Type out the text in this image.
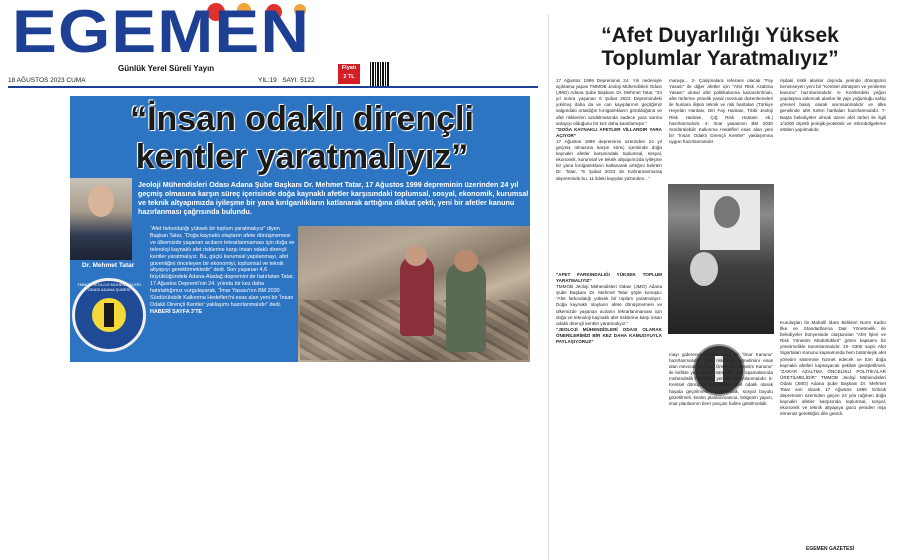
EGEMEN
Günlük Yerel Süreli Yayın
18 AĞUSTOS 2023 CUMA	YIL:19 SAYI: 5122
Fiyatı
2 TL
“İnsan odaklı dirençli kentler yaratmalıyız”
Dr. Mehmet Tatar
Jeoloji Mühendisleri Odası Adana Şube Başkanı Dr. Mehmet Tatar, 17 Ağustos 1999 depreminin üzerinden 24 yıl geçmiş olmasına karşın süreç içerisinde doğa kaynaklı afetler karşısındaki toplumsal, sosyal, ekonomik, kurumsal ve teknik altyapımızda iyileşme bir yana kırılganlıkların katlanarak arttığına dikkat çekti, yeni bir afetler kanunu hazırlanması çağrısında bulundu.
TMMOB JEOLOJİ MÜHENDİSLERİ ODASI ADANA ŞUBESİ
“Afet farkındalığı yüksek bir toplum yaratmalıyız” diyen Başkan Tatar, “Doğa kaynaklı olayların afete dönüşmemesi ve ülkemizde yaşanan acıların tekrarlanmaması için doğa ve teknoloji kaynaklı afet risklerine karşı insan odaklı dirençli kentler yaratmalıyız. Bu, güçlü kurumsal yapılanmayı, afet güvenliğini önceleyen bir ekonomiyi, toplumsal ve teknik altyapıyı gerektirmektedir” dedi. Son yaşanan 4,6 büyüklüğündeki Adana-Aladağ depremini de hatırlatan Tatar, 17 Ağustos Depremi'nin 24. yılında bir kez daha hatırlattığımız vurgulayarak, “İmar Yasası'nın BM 2030 Sürdürülebilir Kalkınma Hedefleri'ni esas alan yeni bir ‘İnsan Odaklı Dirençli Kentler’ yaklaşımı hazırlanmalıdır” dedi.
HABERİ SAYFA 3'TE
“Afet Duyarlılığı Yüksek Toplumlar Yaratmalıyız”
17 Ağustos 1999 Depreminin 24. Yılı nedeniyle açıklama yapan TMMOB Jeoloji Mühendisleri Odası (JMO) Adana Şube Başkanı Dr. Mehmet Tatar, “24 yıl sonra yaşanan 6 Şubat 2023 Depremindeki yıkılmış daha da ve can kayıplarının geçtiğimiz salgındaki ortaklığın kırılganlıkların görüldüğünü ve afet risklerinin azaltılmasında sadece yara sarma anlayışı olduğunu bir kez daha kanıtlamıştır.”
“DOĞA KAYNAKLI AFETLER VİLLARDIR YARA AÇIYOR”
17 Ağustos 1999 depreminin üzerinden 24 yıl geçmiş olmasına karşın süreç içerisinde doğa kaynaklı afetler karşısındaki toplumsal, sosyal, ekonomik, kurumsal ve teknik altyapımızda iyileşme bir yana kırılganlıkların katlanarak arttığını belirten Dr. Tatar, “6 Şubat 2023 de Kahramanmaraş depreminde bu, 11 ildeki kayıplar yüzünden...”
“AFET FARKINDALIĞI YÜKSEK TOPLUM YARATMALIYIZ”
TMMOB Jeoloji Mühendisleri Odası (JMO) Adana Şube Başkanı Dr. Mehmet Tatar şöyle konuştu: “Afet farkındalığı yüksek bir toplum yaratmalıyız. Doğa kaynaklı olayların afete dönüşmemesi ve ülkemizde yaşanan acıların tekrarlanmaması için doğa ve teknoloji kaynaklı afet risklerine karşı insan odaklı dirençli kentler yaratmalıyız.”
“JEOLOJİ MÜHENDİSLERİ ODASI OLARAK ÖNERİLERİMİZİ BİR KEZ DAHA KAMUOYUYLA PAYLAŞIYORUZ”
maraşa... 2- Çalışmalara referans olacak “Fay Yasası” ile diğer afetler için “Afet Risk Azaltma Yasası” ulusal afet politikalarına kazandırılmalı, afet türlerine yönelik yasal mevzuat düzenlemeleri ile bunlara ilişkin teknik ve risk haritaları (Türkiye Heyelan Haritası, Diri Fay Haritası, Tıbbi Jeoloji Risk Haritası, Çığ Risk Haritası vb.) hazırlanmalıdır. 4- İmar yasasının BM 2030 Sürdürülebilir Kalkınma Hedefleri esas alan yeni bir “İnsan Odaklı Dirençli Kentler” yaklaşımına uygun hazırlanmalıdır.
mayı giderecek şekilde yeni bir “İmar Kanunu” hazırlanmalıdır. Yapı risklerinin yönetimini esas alan mevzuat ile “Yapı Üretim ve Denetim Kanunu” ile birlikte yapı üretim sürecinin tüm aşamalarında mühendislik hizmetleri yeniden tanımlanmalıdır. 5- Kentsel dönüşüm projelerinin afet odaklı olarak hayata geçirilmesini sağlayacak, sosyal boyutu gözetilmeli, kentin planlanmasına, bölgenin yapısı, imar planlarının birer parçası haline getirilmelidir.
rişdaki riskli alanlar dışında yerinde dönüşümü benimseyen yeni bir “Kentsel dönüşüm ve yenileme kanunu” hazırlanmalıdır. 6- Kentlerdeki yoğun yapılaşma sakıncalı alanlar ile yapı yoğunluğu sahip yöresel bakış olarak anımsanmalıdır ve ülke genelinde afet türleri haritaları hazırlanmalıdır. 7- Başta belediyeler olmak üzere afet türleri ile ilgili 1/1000 ölçekli jeolojik-jeoteknik ve mikrobölgeleme etütleri yapılmalıdır.
Kuruluşları ile Mahalli İdare Birlikleri Norm Kadro İlke ve Standartlarına Dair Yönetmelik ile belediyeler bünyesinde oluşturulan “Afet İşleri ve Risk Yönetimi Müdürlükleri” görev kapsamı bir yönetmelikle tanımlanmalıdır. 10- 6305 sayılı Afet Sigortaları Kanunu kapsamında hem bütünleşik afet yönetim sistemine hizmet edecek ve tüm doğa kaynaklı afetleri kapsayacak şekilde genişletilmeli. “ZARAR AZALTMA ÖNCELİKLİ POLİTİKALAR ÜRETİLMELİDİR” TMMOB Jeoloji Mühendisleri Odası (JMO) Adana Şube Başkanı Dr. Mehmet Tatar son olarak 17 Ağustos 1999 Gölcük depreminin üzerinden geçen 24 yıla rağmen doğa kaynaklı afetler karşısında toplumsal, sosyal, ekonomik ve teknik altyapıya gücü yeniden inşa etmemiz gerektiğini dile getirdi.
EGEMEN GAZETESİ
